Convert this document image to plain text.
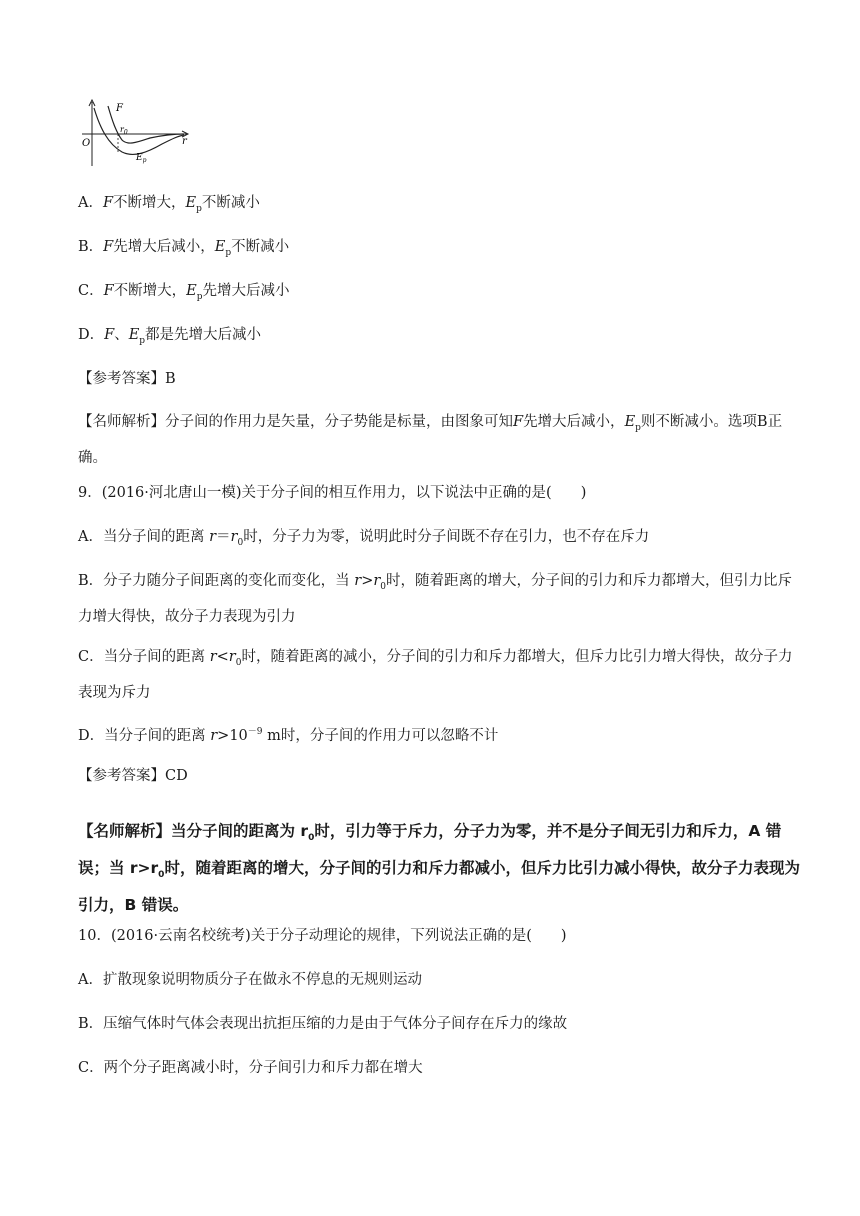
F
$r_0$
O	r
$E_p$
A．F不断增大，$E_p$不断减小
B．F先增大后减小，$E_p$不断减小
C．F不断增大，$E_p$先增大后减小
D．F、$E_p$都是先增大后减小
【参考答案】B
【名师解析】分子间的作用力是矢量，分子势能是标量，由图象可知F先增大后减小，$E_p$则不断减小。选项B正确。
9．(2016·河北唐山一模)关于分子间的相互作用力，以下说法中正确的是(　　)
A．当分子间的距离 $r=r_0$时，分子力为零，说明此时分子间既不存在引力，也不存在斥力
B．分子力随分子间距离的变化而变化，当 $r>r_0$时，随着距离的增大，分子间的引力和斥力都增大，但引力比斥力增大得快，故分子力表现为引力
C．当分子间的距离 $r<r_0$时，随着距离的减小，分子间的引力和斥力都增大，但斥力比引力增大得快，故分子力表现为斥力
D．当分子间的距离 $r>10^{-9}$ m时，分子间的作用力可以忽略不计
【参考答案】CD
【名师解析】当分子间的距离为 $r_0$时，引力等于斥力，分子力为零，并不是分子间无引力和斥力，A 错误；当 $r>r_0$时，随着距离的增大，分子间的引力和斥力都减小，但斥力比引力减小得快，故分子力表现为引力，B 错误。
10．(2016·云南名校统考)关于分子动理论的规律，下列说法正确的是(　　)
A．扩散现象说明物质分子在做永不停息的无规则运动
B．压缩气体时气体会表现出抗拒压缩的力是由于气体分子间存在斥力的缘故
C．两个分子距离减小时，分子间引力和斥力都在增大
